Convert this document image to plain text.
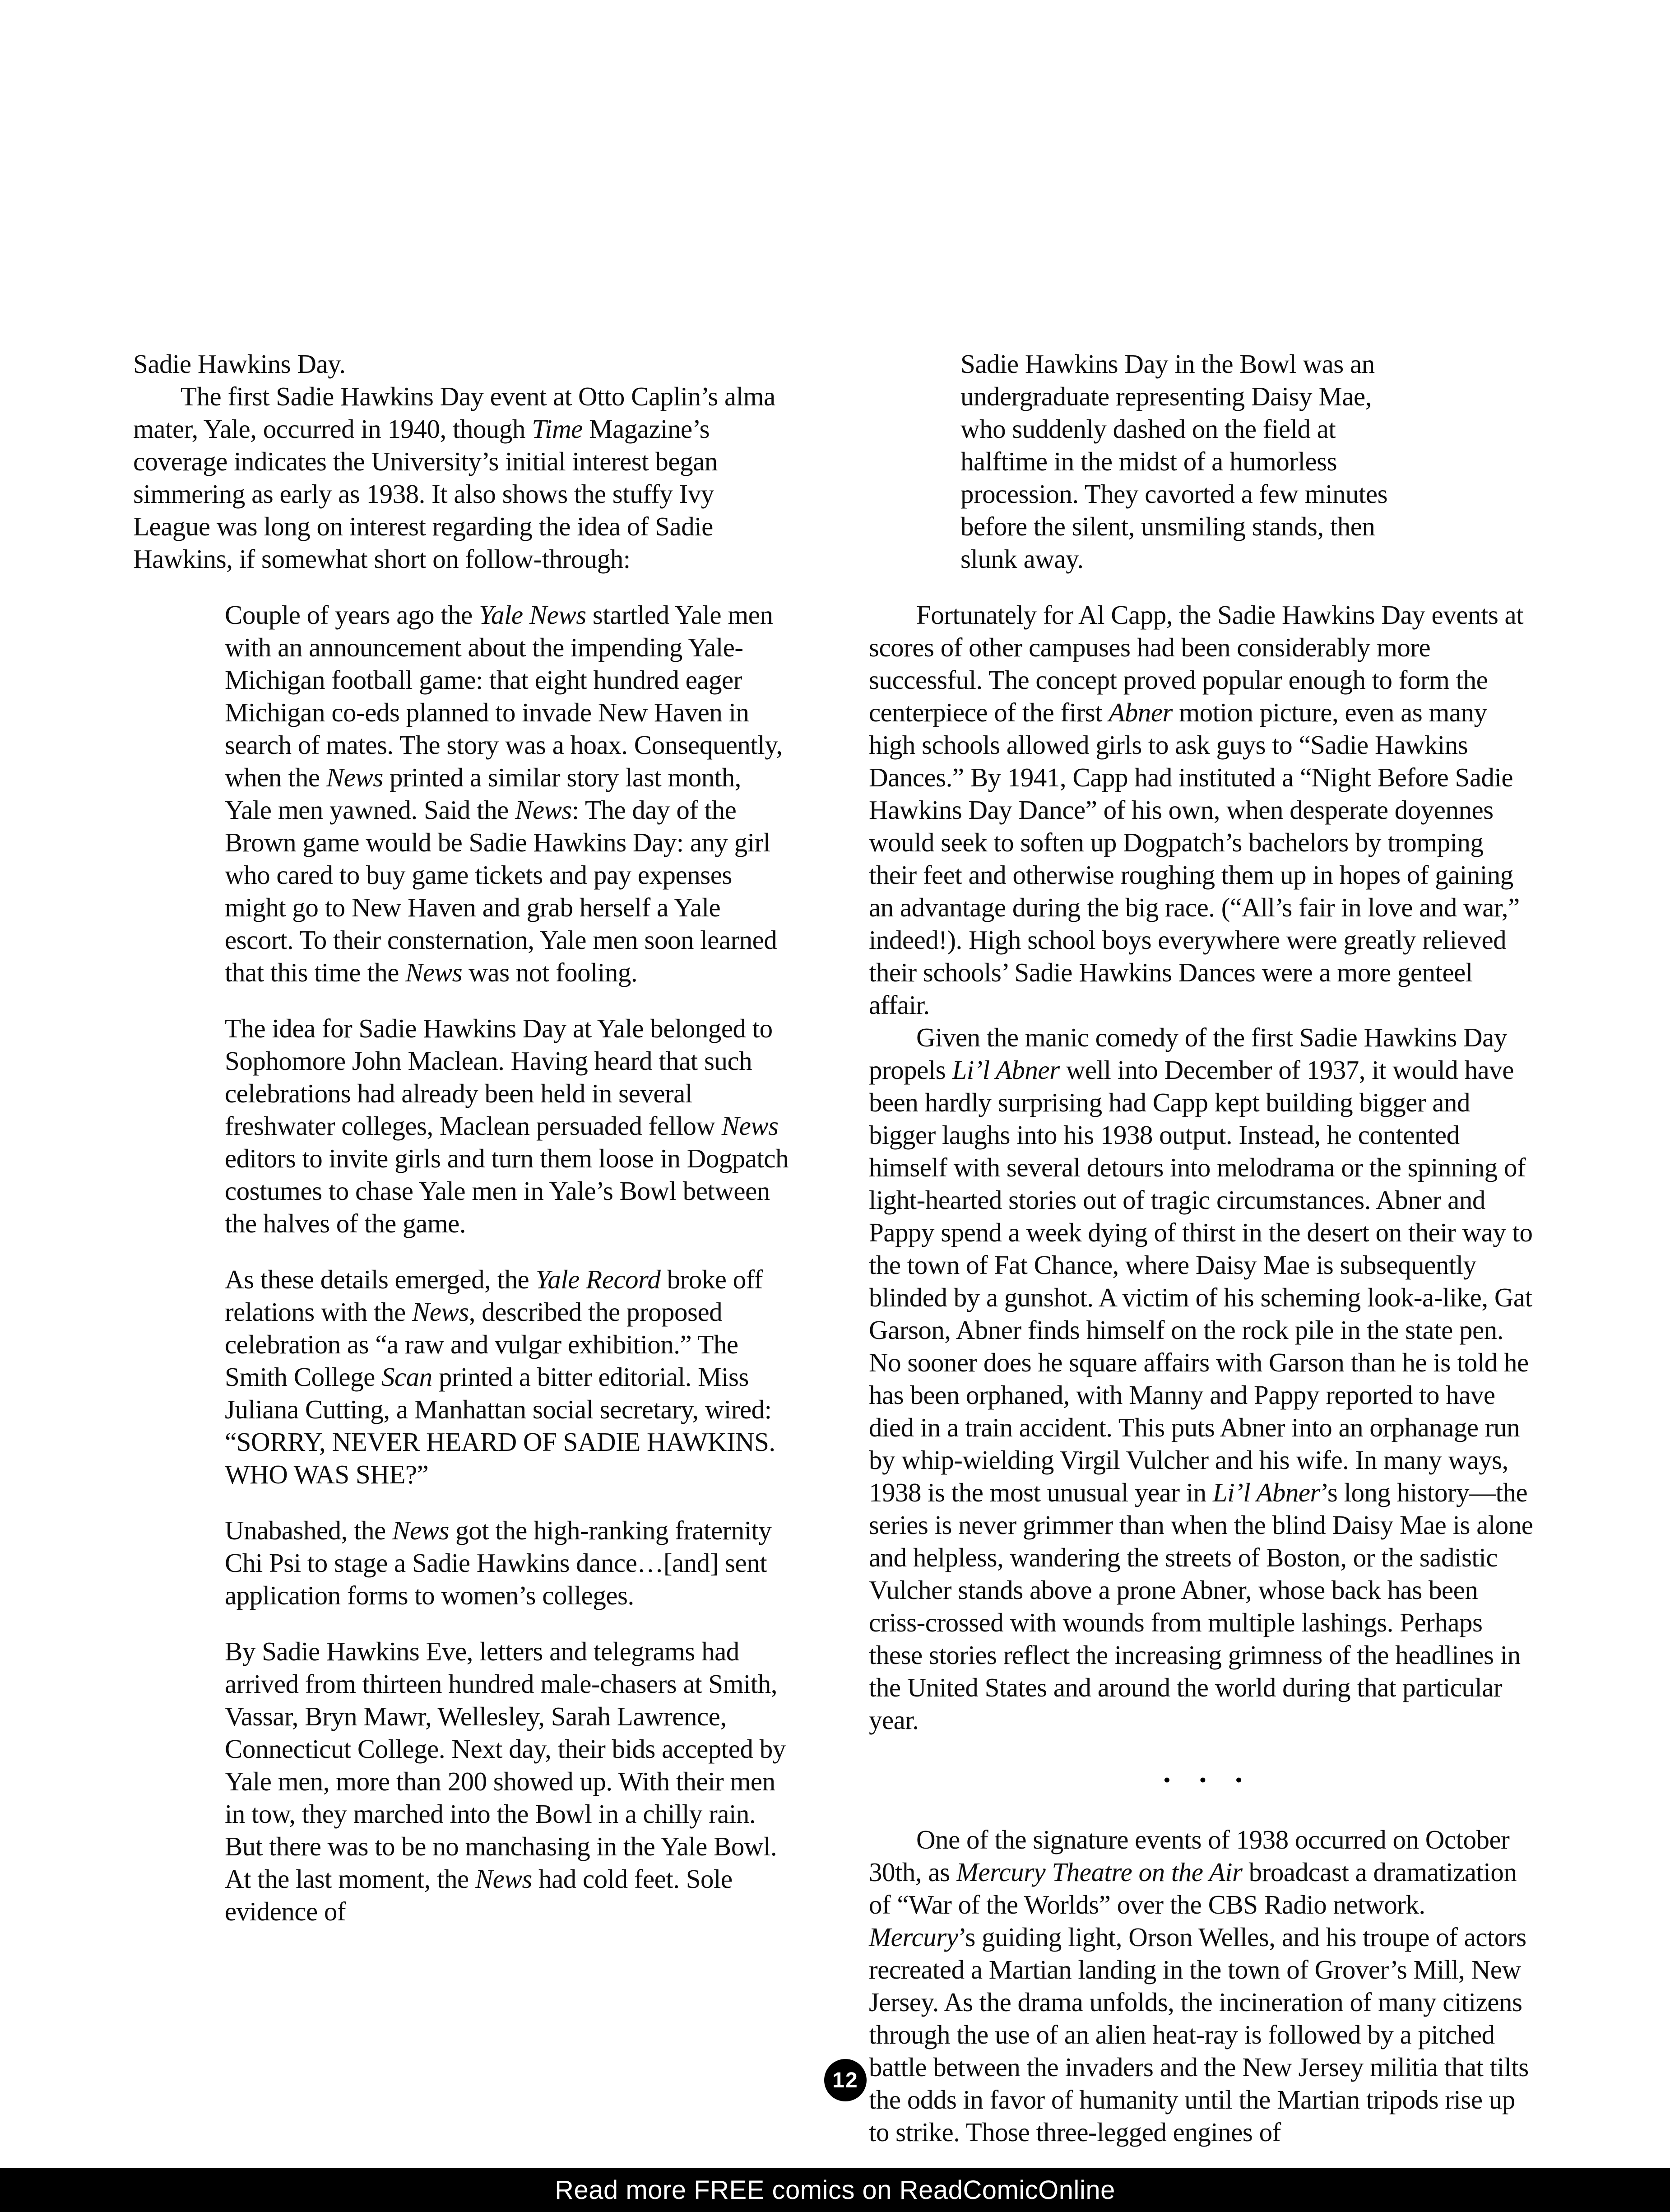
Sadie Hawkins Day.

The first Sadie Hawkins Day event at Otto Caplin’s alma mater, Yale, occurred in 1940, though Time Magazine’s coverage indicates the University’s initial interest began simmering as early as 1938. It also shows the stuffy Ivy League was long on interest regarding the idea of Sadie Hawkins, if somewhat short on follow-through:

Couple of years ago the Yale News startled Yale men with an announcement about the impending Yale-Michigan football game: that eight hundred eager Michigan co-eds planned to invade New Haven in search of mates. The story was a hoax. Consequently, when the News printed a similar story last month, Yale men yawned. Said the News: The day of the Brown game would be Sadie Hawkins Day: any girl who cared to buy game tickets and pay expenses might go to New Haven and grab herself a Yale escort. To their consternation, Yale men soon learned that this time the News was not fooling.

The idea for Sadie Hawkins Day at Yale belonged to Sophomore John Maclean. Having heard that such celebrations had already been held in several freshwater colleges, Maclean persuaded fellow News editors to invite girls and turn them loose in Dogpatch costumes to chase Yale men in Yale’s Bowl between the halves of the game.

As these details emerged, the Yale Record broke off relations with the News, described the proposed celebration as “a raw and vulgar exhibition.” The Smith College Scan printed a bitter editorial. Miss Juliana Cutting, a Manhattan social secretary, wired: “SORRY, NEVER HEARD OF SADIE HAWKINS. WHO WAS SHE?”

Unabashed, the News got the high-ranking fraternity Chi Psi to stage a Sadie Hawkins dance…[and] sent application forms to women’s colleges.

By Sadie Hawkins Eve, letters and telegrams had arrived from thirteen hundred male-chasers at Smith, Vassar, Bryn Mawr, Wellesley, Sarah Lawrence, Connecticut College. Next day, their bids accepted by Yale men, more than 200 showed up. With their men in tow, they marched into the Bowl in a chilly rain. But there was to be no manchasing in the Yale Bowl. At the last moment, the News had cold feet. Sole evidence of

Sadie Hawkins Day in the Bowl was an undergraduate representing Daisy Mae, who suddenly dashed on the field at halftime in the midst of a humorless procession. They cavorted a few minutes before the silent, unsmiling stands, then slunk away.

Fortunately for Al Capp, the Sadie Hawkins Day events at scores of other campuses had been considerably more successful. The concept proved popular enough to form the centerpiece of the first Abner motion picture, even as many high schools allowed girls to ask guys to “Sadie Hawkins Dances.” By 1941, Capp had instituted a “Night Before Sadie Hawkins Day Dance” of his own, when desperate doyennes would seek to soften up Dogpatch’s bachelors by tromping their feet and otherwise roughing them up in hopes of gaining an advantage during the big race. (“All’s fair in love and war,” indeed!). High school boys everywhere were greatly relieved their schools’ Sadie Hawkins Dances were a more genteel affair.

Given the manic comedy of the first Sadie Hawkins Day propels Li’l Abner well into December of 1937, it would have been hardly surprising had Capp kept building bigger and bigger laughs into his 1938 output. Instead, he contented himself with several detours into melodrama or the spinning of light-hearted stories out of tragic circumstances. Abner and Pappy spend a week dying of thirst in the desert on their way to the town of Fat Chance, where Daisy Mae is subsequently blinded by a gunshot. A victim of his scheming look-a-like, Gat Garson, Abner finds himself on the rock pile in the state pen. No sooner does he square affairs with Garson than he is told he has been orphaned, with Manny and Pappy reported to have died in a train accident. This puts Abner into an orphanage run by whip-wielding Virgil Vulcher and his wife. In many ways, 1938 is the most unusual year in Li’l Abner’s long history—the series is never grimmer than when the blind Daisy Mae is alone and helpless, wandering the streets of Boston, or the sadistic Vulcher stands above a prone Abner, whose back has been criss-crossed with wounds from multiple lashings. Perhaps these stories reflect the increasing grimness of the headlines in the United States and around the world during that particular year.

• • •

One of the signature events of 1938 occurred on October 30th, as Mercury Theatre on the Air broadcast a dramatization of “War of the Worlds” over the CBS Radio network. Mercury’s guiding light, Orson Welles, and his troupe of actors recreated a Martian landing in the town of Grover’s Mill, New Jersey. As the drama unfolds, the incineration of many citizens through the use of an alien heat-ray is followed by a pitched battle between the invaders and the New Jersey militia that tilts the odds in favor of humanity until the Martian tripods rise up to strike. Those three-legged engines of

12
Read more FREE comics on ReadComicOnline
